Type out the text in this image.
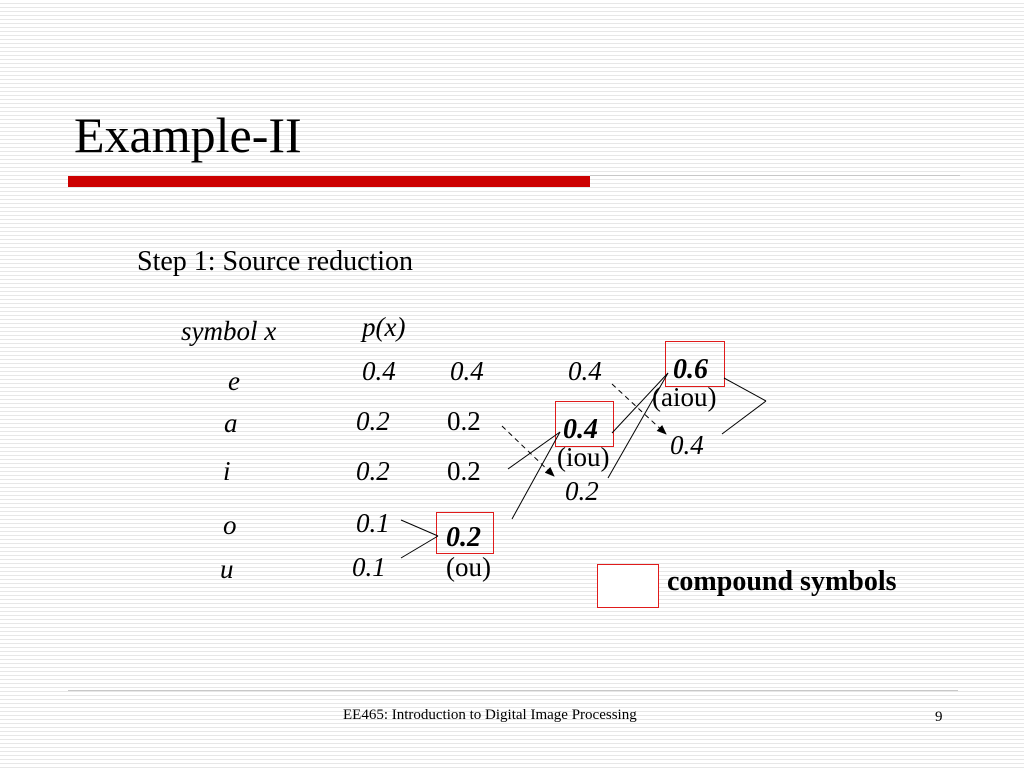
Example-II
Step 1: Source reduction
symbol x	p(x)
e
a
i
o
u
0.4
0.2
0.2
0.1
0.1
0.4
0.2
0.2
0.2
(ou)
0.4
0.4
(iou)
0.2
0.6
(aiou)
0.4
compound symbols
EE465: Introduction to Digital Image Processing	9
